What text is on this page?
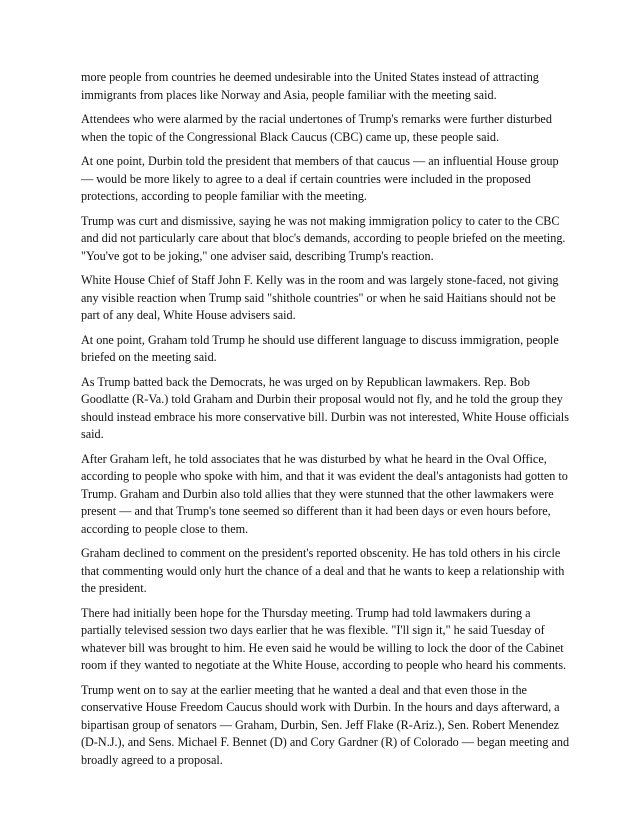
more people from countries he deemed undesirable into the United States instead of attracting immigrants from places like Norway and Asia, people familiar with the meeting said.

Attendees who were alarmed by the racial undertones of Trump's remarks were further disturbed when the topic of the Congressional Black Caucus (CBC) came up, these people said.

At one point, Durbin told the president that members of that caucus — an influential House group — would be more likely to agree to a deal if certain countries were included in the proposed protections, according to people familiar with the meeting.

Trump was curt and dismissive, saying he was not making immigration policy to cater to the CBC and did not particularly care about that bloc's demands, according to people briefed on the meeting. "You've got to be joking," one adviser said, describing Trump's reaction.

White House Chief of Staff John F. Kelly was in the room and was largely stone-faced, not giving any visible reaction when Trump said "shithole countries" or when he said Haitians should not be part of any deal, White House advisers said.

At one point, Graham told Trump he should use different language to discuss immigration, people briefed on the meeting said.

As Trump batted back the Democrats, he was urged on by Republican lawmakers. Rep. Bob Goodlatte (R-Va.) told Graham and Durbin their proposal would not fly, and he told the group they should instead embrace his more conservative bill. Durbin was not interested, White House officials said.

After Graham left, he told associates that he was disturbed by what he heard in the Oval Office, according to people who spoke with him, and that it was evident the deal's antagonists had gotten to Trump. Graham and Durbin also told allies that they were stunned that the other lawmakers were present — and that Trump's tone seemed so different than it had been days or even hours before, according to people close to them.

Graham declined to comment on the president's reported obscenity. He has told others in his circle that commenting would only hurt the chance of a deal and that he wants to keep a relationship with the president.

There had initially been hope for the Thursday meeting. Trump had told lawmakers during a partially televised session two days earlier that he was flexible. "I'll sign it," he said Tuesday of whatever bill was brought to him. He even said he would be willing to lock the door of the Cabinet room if they wanted to negotiate at the White House, according to people who heard his comments.

Trump went on to say at the earlier meeting that he wanted a deal and that even those in the conservative House Freedom Caucus should work with Durbin. In the hours and days afterward, a bipartisan group of senators — Graham, Durbin, Sen. Jeff Flake (R-Ariz.), Sen. Robert Menendez (D-N.J.), and Sens. Michael F. Bennet (D) and Cory Gardner (R) of Colorado — began meeting and broadly agreed to a proposal.
